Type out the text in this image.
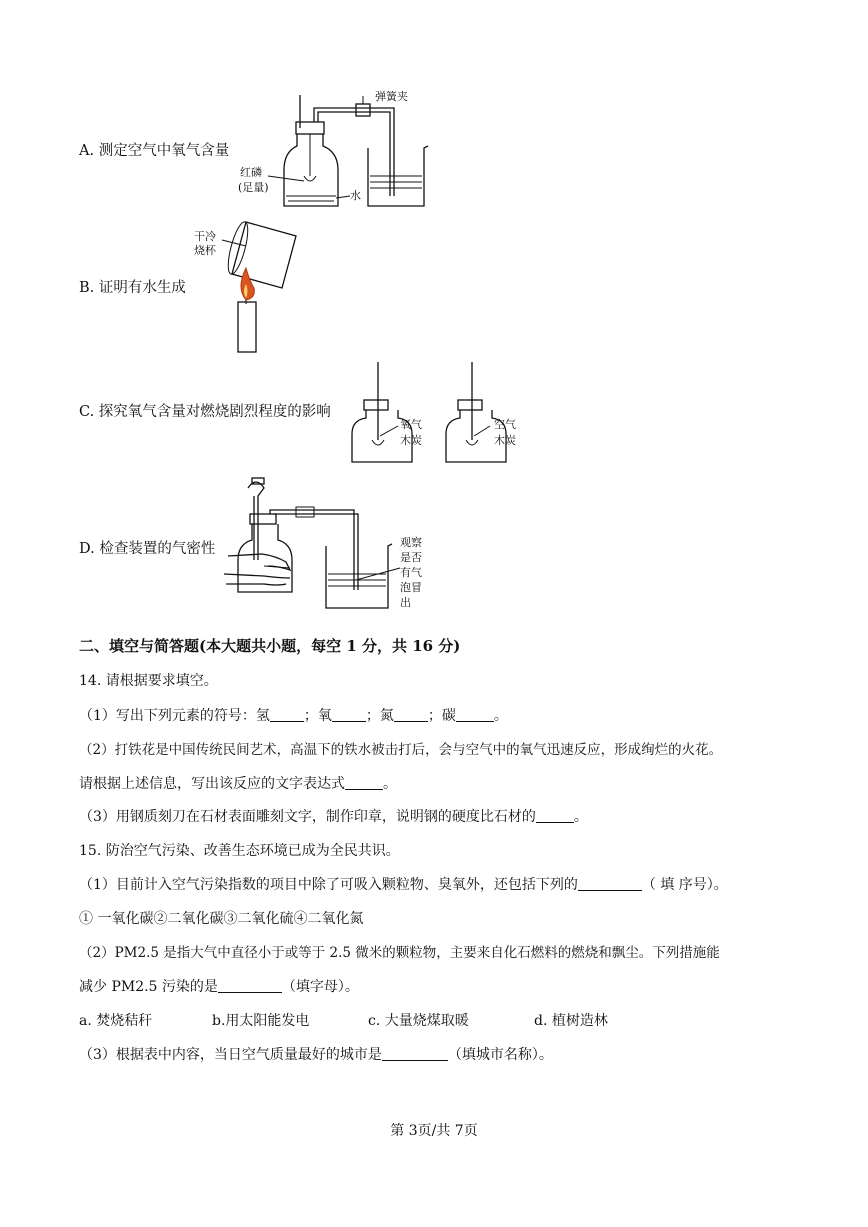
A. 测定空气中氧气含量
弹簧夹
红磷
(足量)
水
B. 证明有水生成
干冷
烧杯
C. 探究氧气含量对燃烧剧烈程度的影响
氧气
木炭
空气
木炭
D. 检查装置的气密性	观察
是否
有气
泡冒
出
二、填空与简答题(本大题共小题，每空 1 分，共 16 分)
14. 请根据要求填空。
（1）写出下列元素的符号：氢 ；氧 ；氮 ；碳	。
（2）打铁花是中国传统民间艺术，高温下的铁水被击打后，会与空气中的氧气迅速反应，形成绚烂的火花。
请根据上述信息，写出该反应的文字表达式	。
（3）用钢质刻刀在石材表面雕刻文字，制作印章，说明钢的硬度比石材的	。
15. 防治空气污染、改善生态环境已成为全民共识。
（1）目前计入空气污染指数的项目中除了可吸入颗粒物、臭氧外，还包括下列的	（ 填 序号）。
① 一氧化碳②二氧化碳③二氧化硫④二氧化氮
（2）PM2.5 是指大气中直径小于或等于 2.5 微米的颗粒物，主要来自化石燃料的燃烧和飘尘。下列措施能
减少 PM2.5 污染的是	（填字母）。
a. 焚烧秸秆	b.用太阳能发电	c. 大量烧煤取暖	d. 植树造林
（3）根据表中内容，当日空气质量最好的城市是	（填城市名称）。
第 3页/共 7页
